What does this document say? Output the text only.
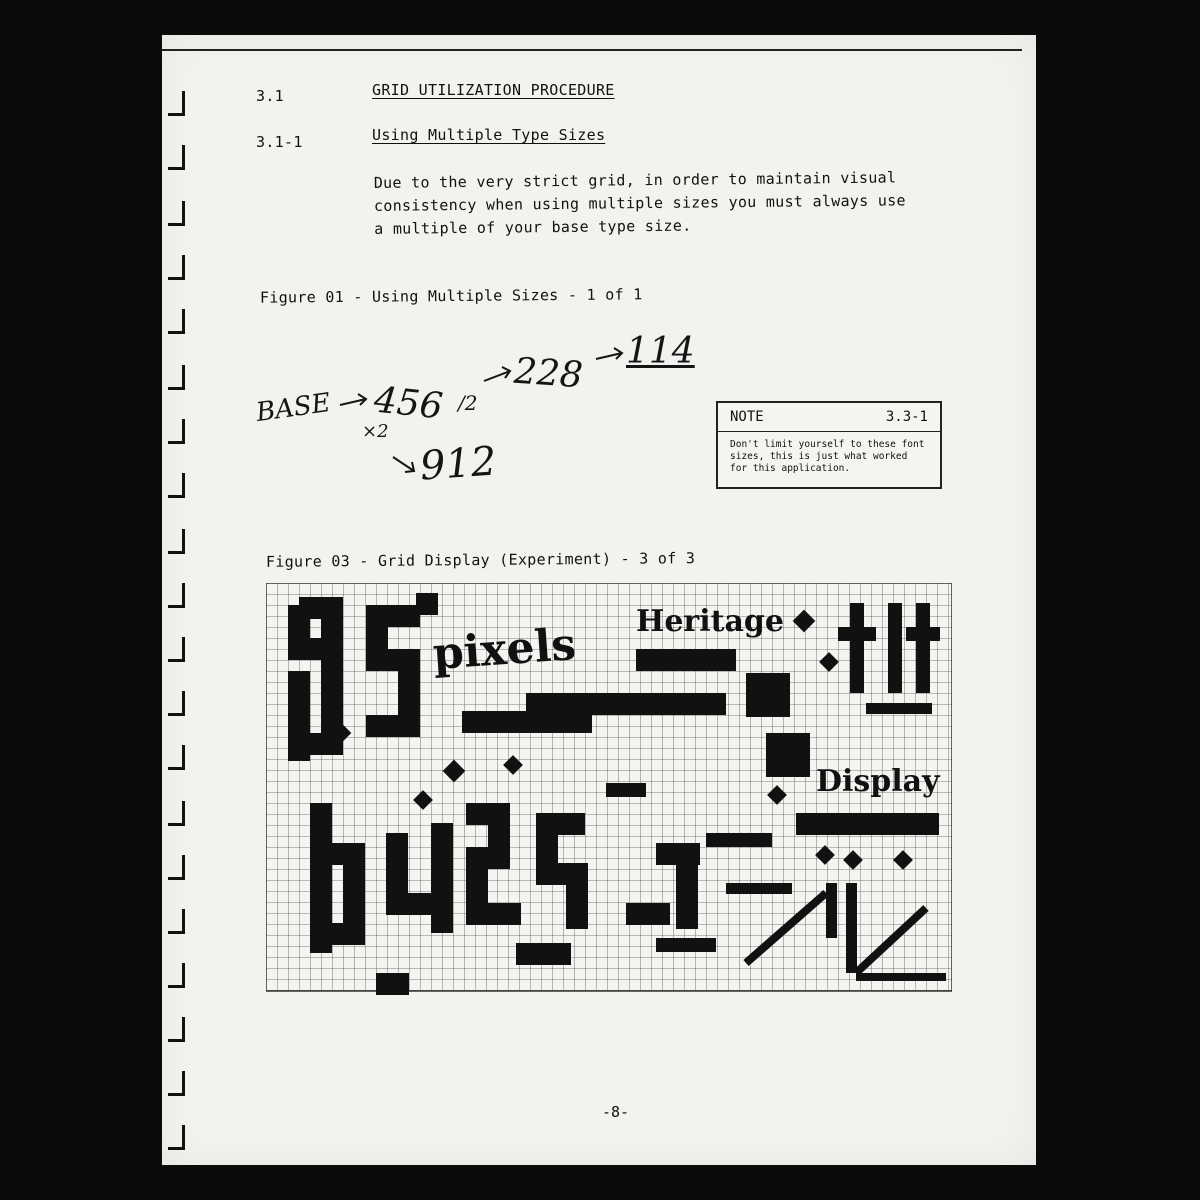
3.1	GRID UTILIZATION PROCEDURE
3.1-1	Using Multiple Type Sizes
Due to the very strict grid, in order to maintain visual
consistency when using multiple sizes you must always use
a multiple of your base type size.
Figure 01 - Using Multiple Sizes - 1 of 1
BASE 456 /2
228 114
×2
912
NOTE	3.3-1
Don't limit yourself to these font sizes, this is just what worked for this application.
Figure 03 - Grid Display (Experiment) - 3 of 3
pixels Heritage
Display
-8-
